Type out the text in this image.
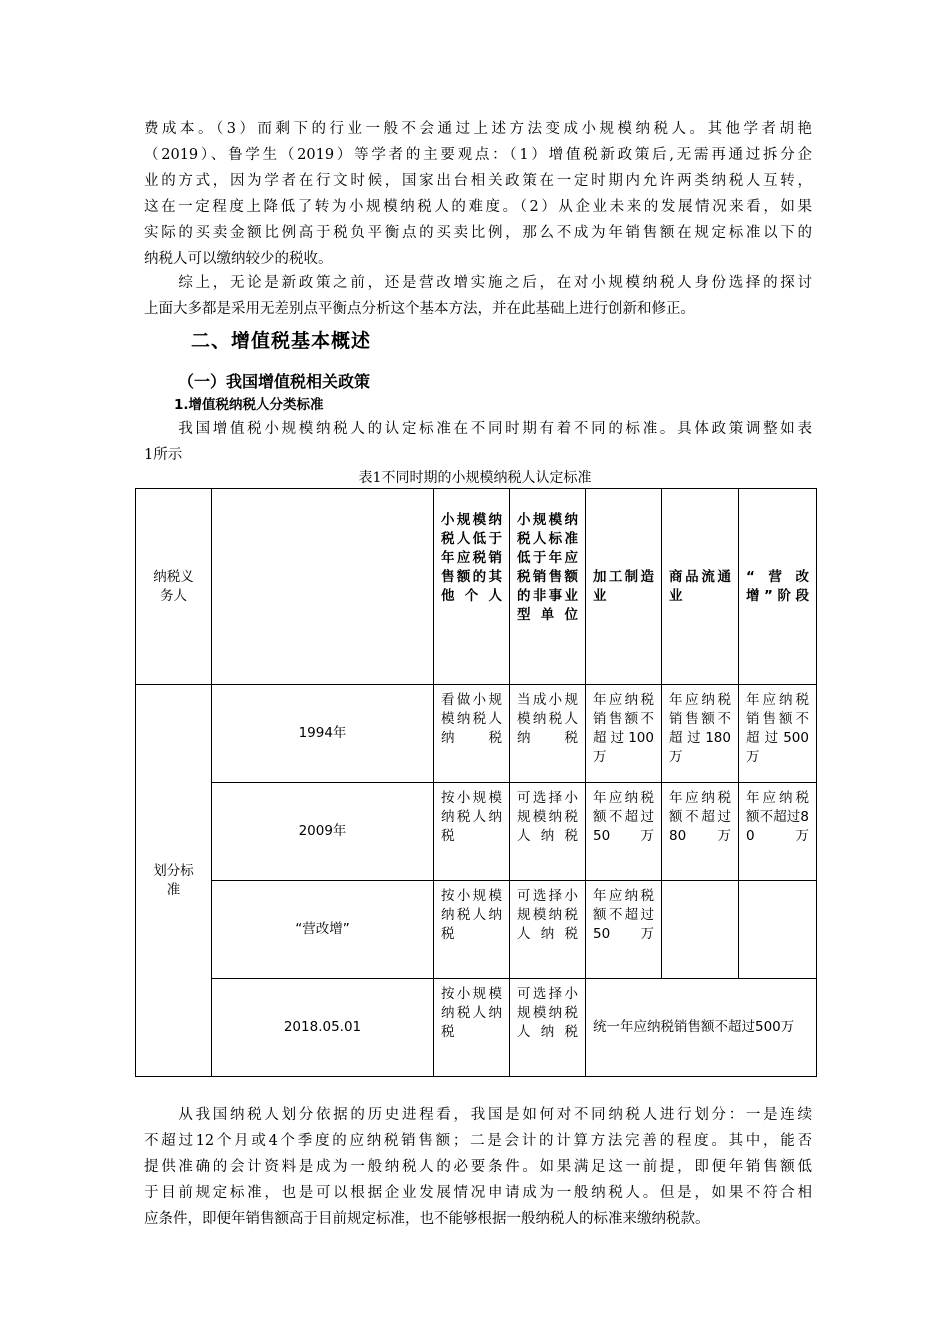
费成本。（3）而剩下的行业一般不会通过上述方法变成小规模纳税人。其他学者胡艳
（2019）、鲁学生（2019）等学者的主要观点：（1）增值税新政策后,无需再通过拆分企
业的方式，因为学者在行文时候，国家出台相关政策在一定时期内允许两类纳税人互转，
这在一定程度上降低了转为小规模纳税人的难度。（2）从企业未来的发展情况来看，如果
实际的买卖金额比例高于税负平衡点的买卖比例，那么不成为年销售额在规定标准以下的
纳税人可以缴纳较少的税收。
　　综上，无论是新政策之前，还是营改增实施之后，在对小规模纳税人身份选择的探讨
上面大多都是采用无差别点平衡点分析这个基本方法，并在此基础上进行创新和修正。
二、增值税基本概述
（一）我国增值税相关政策
1.增值税纳税人分类标准
　　我国增值税小规模纳税人的认定标准在不同时期有着不同的标准。具体政策调整如表
1所示

表1不同时期的小规模纳税人认定标准

纳税义务人		小规模纳税人低于年应税销售额的其他个人	小规模纳税人标准低于年应税销售额的非事业型单位	加工制造业	商品流通业	“营改增”阶段

划分标准	1994年	看做小规模纳税人纳税	当成小规模纳税人纳税	年应纳税销售额不超过100万	年应纳税销售额不超过180万	年应纳税销售额不超过500万

	2009年	按小规模纳税人纳税	可选择小规模纳税人纳税	年应纳税额不超过50万	年应纳税额不超过80万	年应纳税额不超过80万

	“营改增”	按小规模纳税人纳税	可选择小规模纳税人纳税	年应纳税额不超过50万		

	2018.05.01	按小规模纳税人纳税	可选择小规模纳税人纳税	统一年应纳税销售额不超过500万		
　　从我国纳税人划分依据的历史进程看，我国是如何对不同纳税人进行划分：一是连续
不超过12个月或4个季度的应纳税销售额；二是会计的计算方法完善的程度。其中，能否
提供准确的会计资料是成为一般纳税人的必要条件。如果满足这一前提，即便年销售额低
于目前规定标准，也是可以根据企业发展情况申请成为一般纳税人。但是，如果不符合相
应条件，即便年销售额高于目前规定标准，也不能够根据一般纳税人的标准来缴纳税款。
